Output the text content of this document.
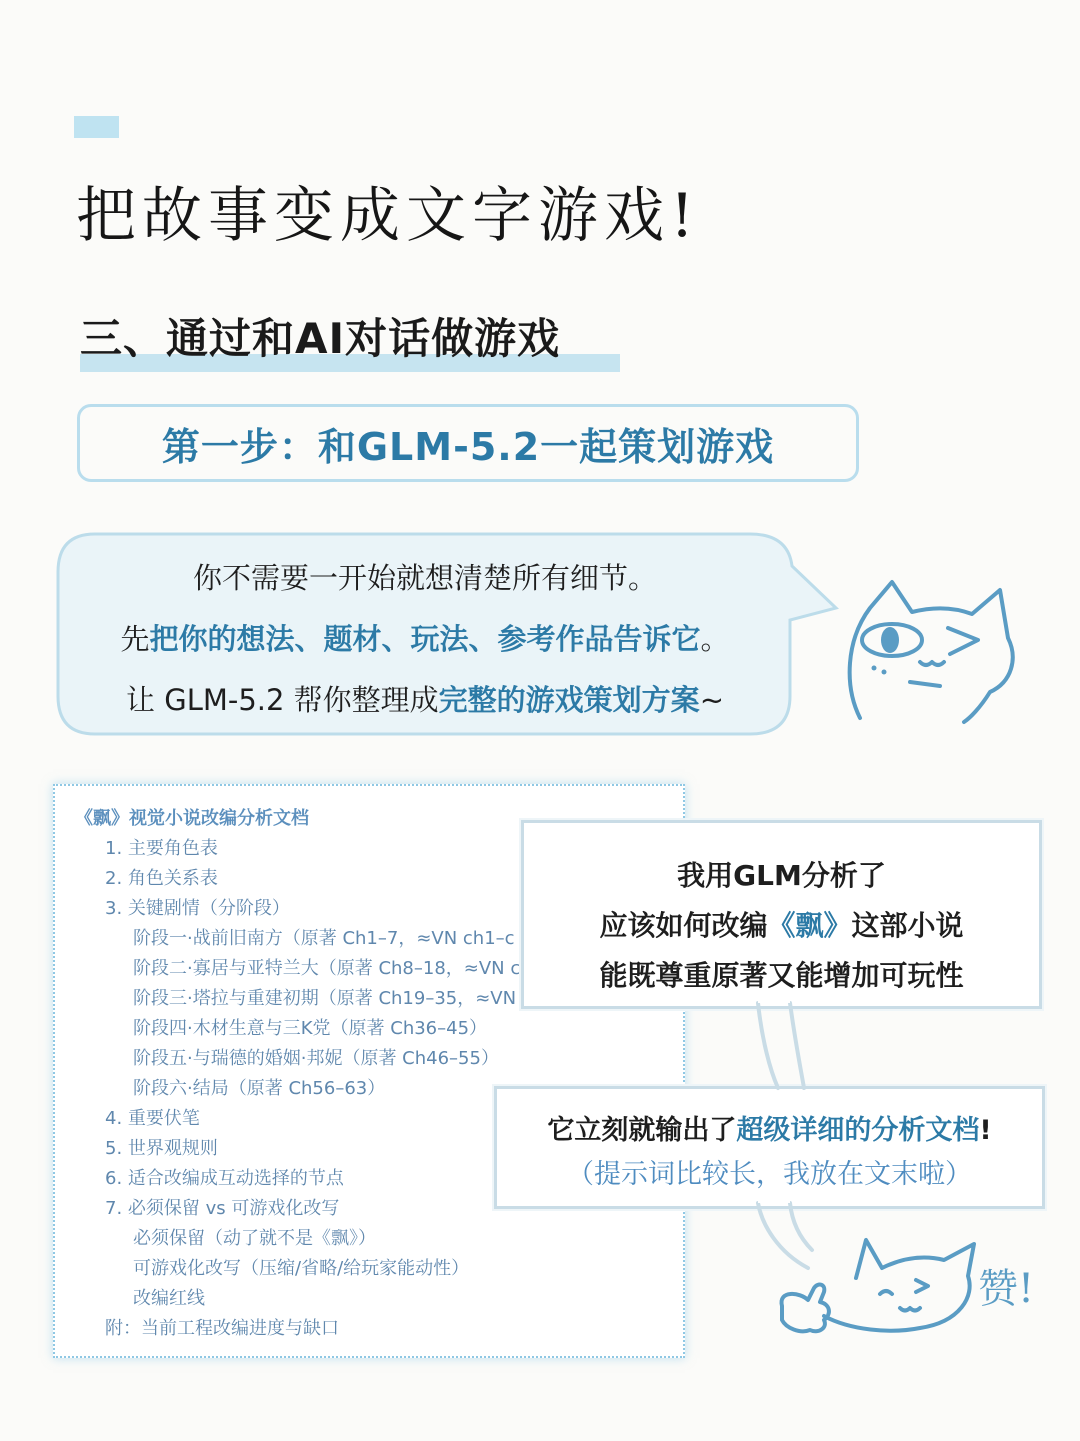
把故事变成文字游戏!
三、通过和AI对话做游戏
第一步：和GLM-5.2一起策划游戏
你不需要一开始就想清楚所有细节。
先把你的想法、题材、玩法、参考作品告诉它。
让 GLM-5.2 帮你整理成完整的游戏策划方案~
《飘》视觉小说改编分析文档
1. 主要角色表
2. 角色关系表
3. 关键剧情（分阶段）
阶段一·战前旧南方（原著 Ch1–7，≈VN ch1–c
阶段二·寡居与亚特兰大（原著 Ch8–18，≈VN c
阶段三·塔拉与重建初期（原著 Ch19–35，≈VN
阶段四·木材生意与三K党（原著 Ch36–45）
阶段五·与瑞德的婚姻·邦妮（原著 Ch46–55）
阶段六·结局（原著 Ch56–63）
4. 重要伏笔
5. 世界观规则
6. 适合改编成互动选择的节点
7. 必须保留 vs 可游戏化改写
必须保留（动了就不是《飘》）
可游戏化改写（压缩/省略/给玩家能动性）
改编红线
附：当前工程改编进度与缺口
我用GLM分析了
应该如何改编《飘》这部小说
能既尊重原著又能增加可玩性
它立刻就输出了超级详细的分析文档!
（提示词比较长，我放在文末啦）
赞!
